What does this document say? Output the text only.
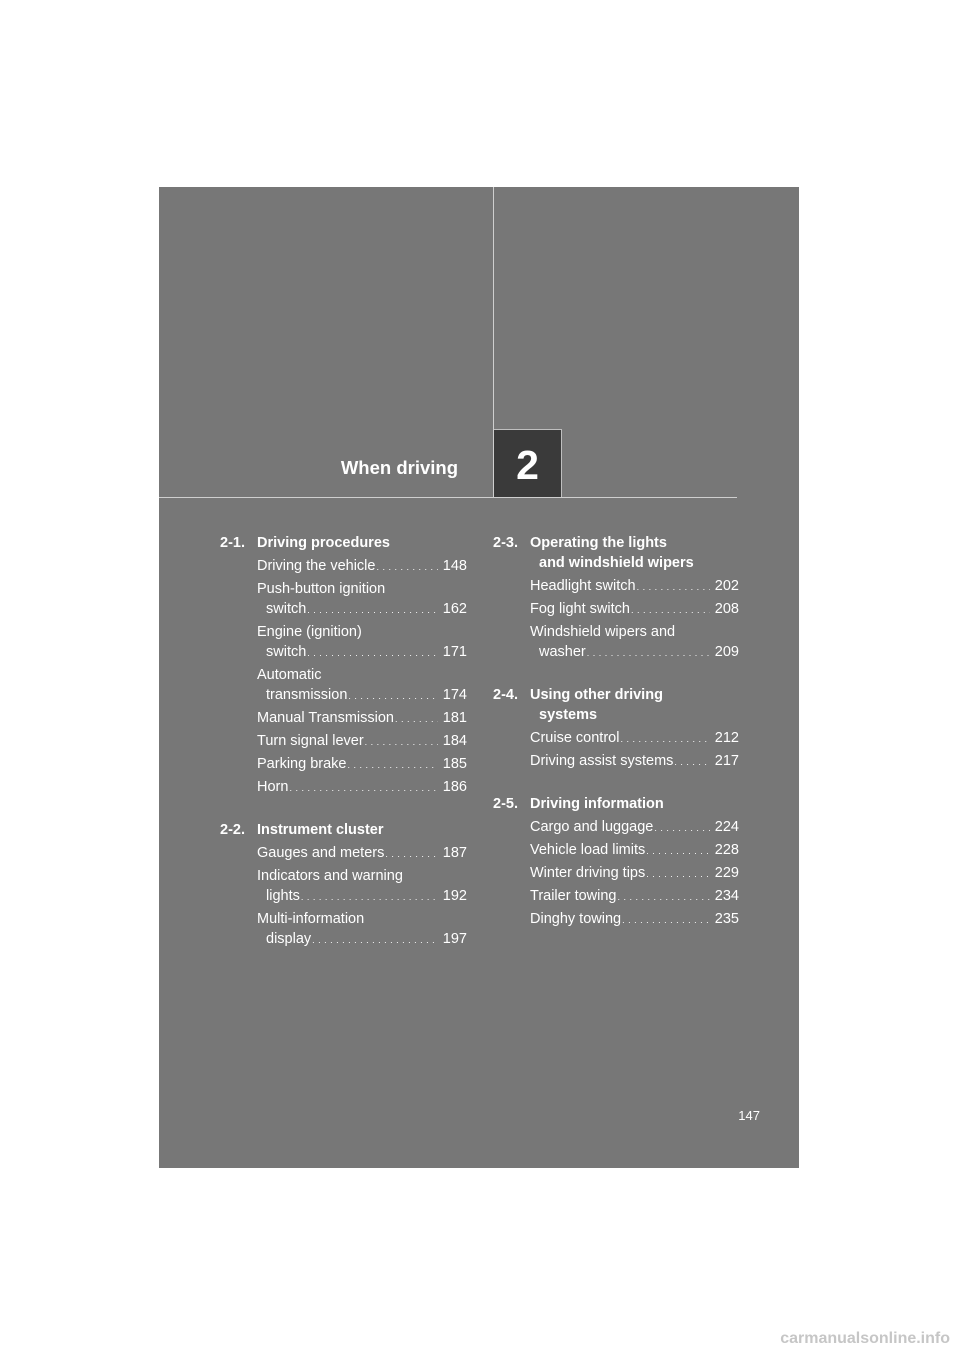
When driving	2
2-1. Driving procedures
Driving the vehicle . . .	148
Push-button ignition
switch . . .	162
Engine (ignition)
switch . . .	171
Automatic
transmission . . .	174
Manual Transmission . . .	181
Turn signal lever . . .	184
Parking brake . . .	185
Horn . . .	186
2-2. Instrument cluster
Gauges and meters . . .	187
Indicators and warning
lights . . .	192
Multi-information
display . . .	197
2-3. Operating the lights
and windshield wipers
Headlight switch . . .	202
Fog light switch . . .	208
Windshield wipers and
washer . . .	209
2-4. Using other driving
systems
Cruise control . . .	212
Driving assist systems . . .	217
2-5. Driving information
Cargo and luggage . . .	224
Vehicle load limits . . .	228
Winter driving tips . . .	229
Trailer towing . . .	234
Dinghy towing . . .	235
147
carmanualsonline.info
